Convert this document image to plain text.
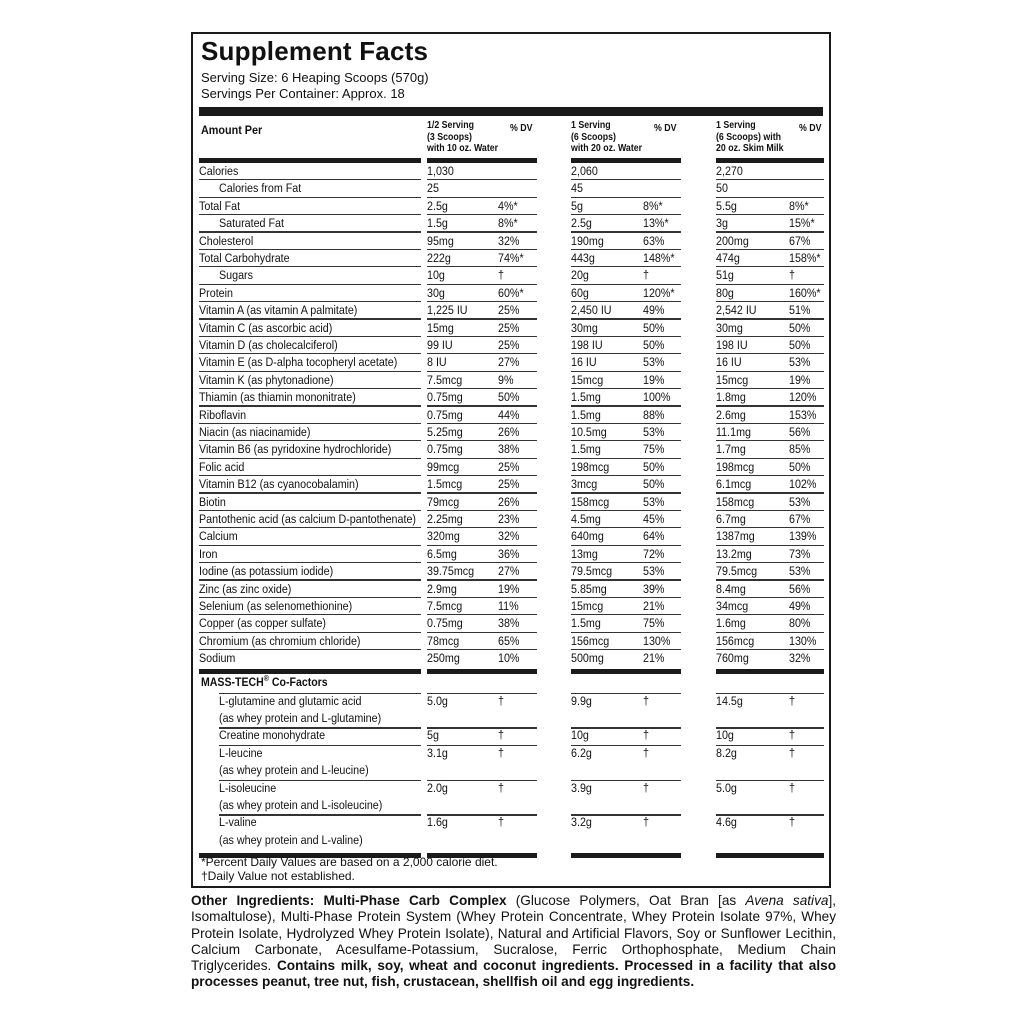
Supplement Facts
Serving Size: 6 Heaping Scoops (570g)
Servings Per Container: Approx. 18
Amount Per	1/2 Serving
(3 Scoops)
with 10 oz. Water
% DV	1 Serving
(6 Scoops)
with 20 oz. Water
% DV	1 Serving
(6 Scoops) with
20 oz. Skim Milk
% DV
Calories	1,030	2,060	2,270
Calories from Fat	25	45	50
Total Fat	2.5g	4%*	5g	8%*	5.5g	8%*
Saturated Fat	1.5g	8%*	2.5g	13%*	3g	15%*
Cholesterol	95mg	32%	190mg	63%	200mg	67%
Total Carbohydrate	222g	74%*	443g	148%*	474g	158%*
Sugars	10g	†	20g	†	51g	†
Protein	30g	60%*	60g	120%*	80g	160%*
Vitamin A (as vitamin A palmitate)	1,225 IU 25%	2,450 IU	49%	2,542 IU	51%
Vitamin C (as ascorbic acid)	15mg	25%	30mg	50%	30mg	50%
Vitamin D (as cholecalciferol)	99 IU	25%	198 IU	50%	198 IU	50%
Vitamin E (as D-alpha tocopheryl acetate) 8 IU	27%	16 IU	53%	16 IU	53%
Vitamin K (as phytonadione)	7.5mcg	9%	15mcg	19%	15mcg	19%
Thiamin (as thiamin mononitrate)	0.75mg	50%	1.5mg	100%	1.8mg	120%
Riboflavin	0.75mg	44%	1.5mg	88%	2.6mg	153%
Niacin (as niacinamide)	5.25mg	26%	10.5mg	53%	11.1mg	56%
Vitamin B6 (as pyridoxine hydrochloride)	0.75mg	38%	1.5mg	75%	1.7mg	85%
Folic acid	99mcg	25%	198mcg	50%	198mcg	50%
Vitamin B12 (as cyanocobalamin)	1.5mcg	25%	3mcg	50%	6.1mcg	102%
Biotin	79mcg	26%	158mcg	53%	158mcg	53%
Pantothenic acid (as calcium D-pantothenate) 2.25mg	23%	4.5mg	45%	6.7mg	67%
Calcium	320mg	32%	640mg	64%	1387mg	139%
Iron	6.5mg	36%	13mg	72%	13.2mg	73%
Iodine (as potassium iodide)	39.75mcg 27%	79.5mcg	53%	79.5mcg	53%
Zinc (as zinc oxide)	2.9mg	19%	5.85mg	39%	8.4mg	56%
Selenium (as selenomethionine)	7.5mcg	11%	15mcg	21%	34mcg	49%
Copper (as copper sulfate)	0.75mg	38%	1.5mg	75%	1.6mg	80%
Chromium (as chromium chloride)	78mcg	65%	156mcg	130%	156mcg	130%
Sodium	250mg	10%	500mg	21%	760mg	32%
MASS-TECH® Co-Factors
L-glutamine and glutamic acid
(as whey protein and L-glutamine)
5.0g	†	9.9g	†	14.5g	†
Creatine monohydrate	5g	†	10g	†	10g	†
L-leucine
(as whey protein and L-leucine)
3.1g	†	6.2g	†	8.2g	†
L-isoleucine
(as whey protein and L-isoleucine)
2.0g	†	3.9g	†	5.0g	†
L-valine
(as whey protein and L-valine)
1.6g	†	3.2g	†	4.6g	†
*Percent Daily Values are based on a 2,000 calorie diet.
†Daily Value not established.
Other Ingredients: Multi-Phase Carb Complex (Glucose Polymers, Oat Bran [as Avena sativa], Isomaltulose), Multi-Phase Protein System (Whey Protein Concentrate, Whey Protein Isolate 97%, Whey Protein Isolate, Hydrolyzed Whey Protein Isolate), Natural and Artificial Flavors, Soy or Sunflower Lecithin, Calcium Carbonate, Acesulfame-Potassium, Sucralose, Ferric Orthophosphate, Medium Chain Triglycerides. Contains milk, soy, wheat and coconut ingredients. Processed in a facility that also processes peanut, tree nut, fish, crustacean, shellfish oil and egg ingredients.
